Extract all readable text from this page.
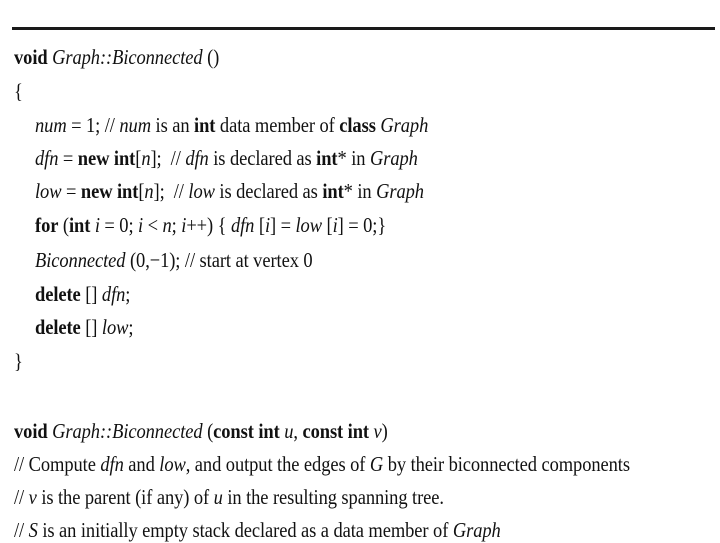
void Graph::Biconnected ()
{
num = 1; // num is an int data member of class Graph
dfn = new int[n];  // dfn is declared as int* in Graph
low = new int[n];  // low is declared as int* in Graph
for (int i = 0; i < n; i++) { dfn [i] = low [i] = 0;}
Biconnected (0,−1); // start at vertex 0
delete [] dfn;
delete [] low;
}
void Graph::Biconnected (const int u, const int v)
// Compute dfn and low, and output the edges of G by their biconnected components
// v is the parent (if any) of u in the resulting spanning tree.
// S is an initially empty stack declared as a data member of Graph
